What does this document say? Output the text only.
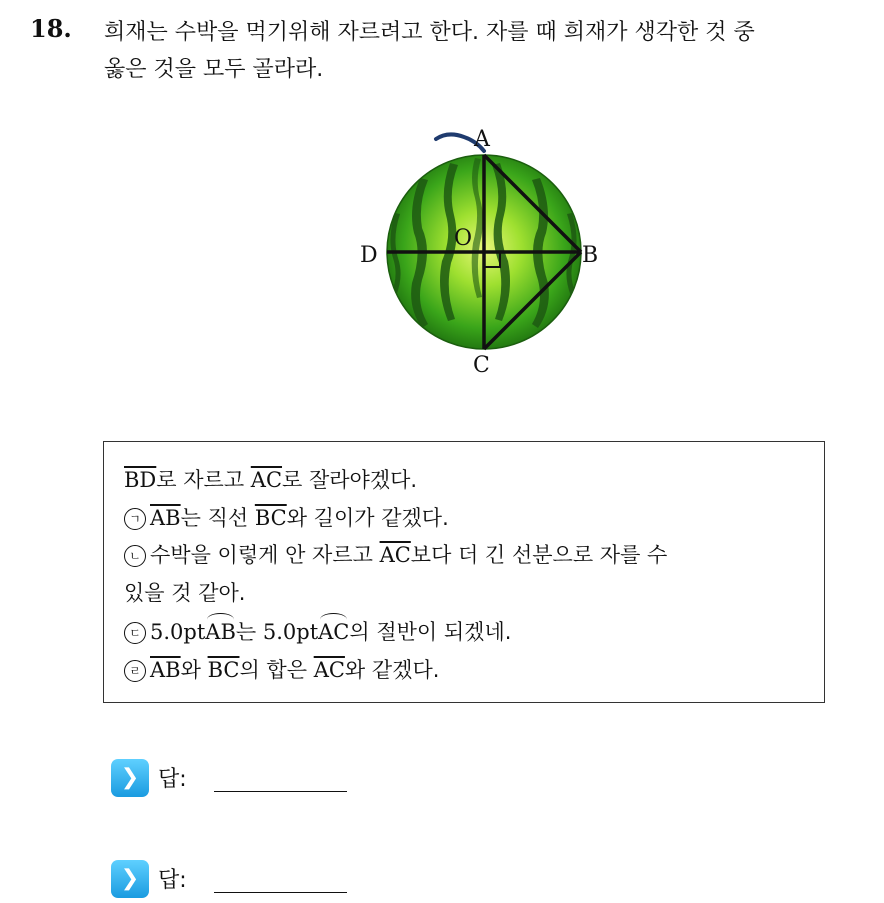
18. 희재는 수박을 먹기위해 자르려고 한다. 자를 때 희재가 생각한 것 중
옳은 것을 모두 골라라.
A
B
C
D
O
$\overline{BD}$로 자르고 $\overline{AC}$로 잘라야겠다.
ㄱ $\overline{AB}$는 직선 $\overline{BC}$와 길이가 같겠다.
ㄴ 수박을 이렇게 안 자르고 $\overline{AC}$보다 더 긴 선분으로 자를 수
있을 것 같아.
ㄷ 5.0ptAB는 5.0ptAC의 절반이 되겠네.
ㄹ $\overline{AB}$와 $\overline{BC}$의 합은 $\overline{AC}$와 같겠다.
❯ 답:
❯ 답:
